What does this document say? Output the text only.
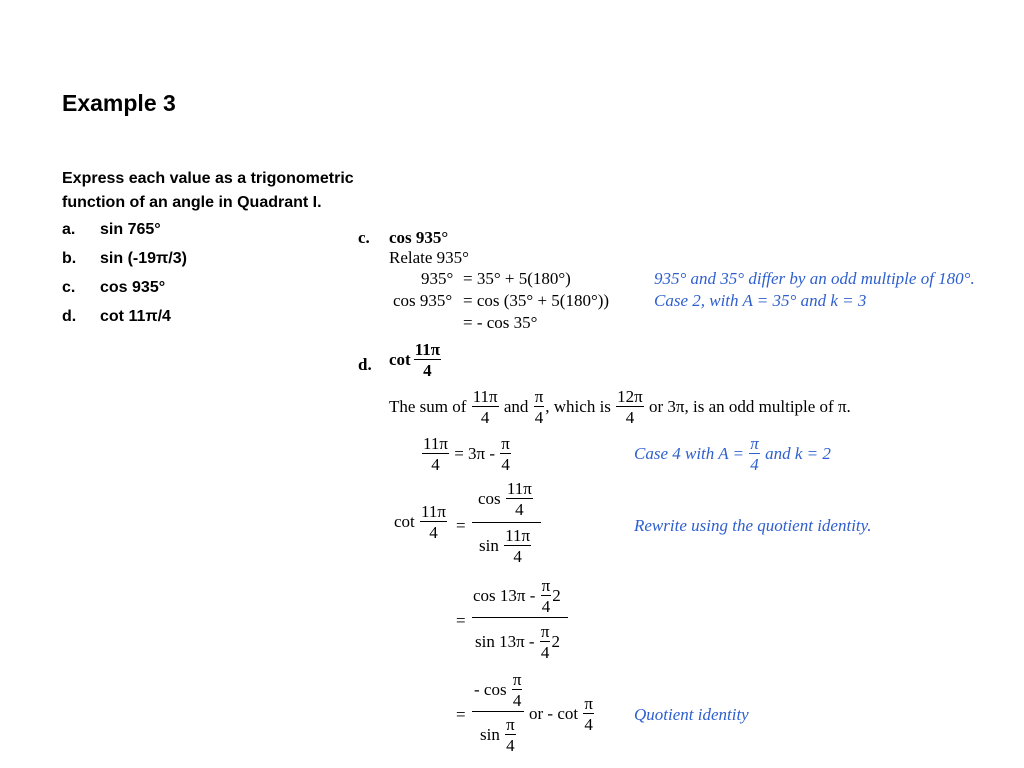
Example 3
Express each value as a trigonometric function of an angle in Quadrant I.
a. sin 765°
b. sin (-19π/3)
c. cos 935°
d. cot 11π/4
c. cos 935°
Relate 935°
935° = 35° + 5(180°)	935° and 35° differ by an odd multiple of 180°.
cos 935° = cos (35° + 5(180°))	Case 2, with A = 35° and k = 3
= - cos 35°
d. $\cot \frac{11\pi}{4}$
The sum of
$\frac{11\pi}{4}$
and
$\frac{\pi}{4}$ , which is
$\frac{12\pi}{4}$
or 3π, is an odd multiple of π.
$\frac{11\pi}{4}$
= 3π -
$\frac{\pi}{4}$	Case 4 with A =
$\frac{\pi}{4}$
and k = 2
cot
$\frac{11\pi}{4}$ =
cos
$\frac{11\pi}{4}$
sin
$\frac{11\pi}{4}$
Rewrite using the quotient identity.
=
cos 13π -
$\frac{\pi}{4} 2$
sin 13π -
$\frac{\pi}{4} 2$
=
- cos
$\frac{\pi}{4}$
sin
$\frac{\pi}{4}$
or - cot
$\frac{\pi}{4}$ Quotient identity
